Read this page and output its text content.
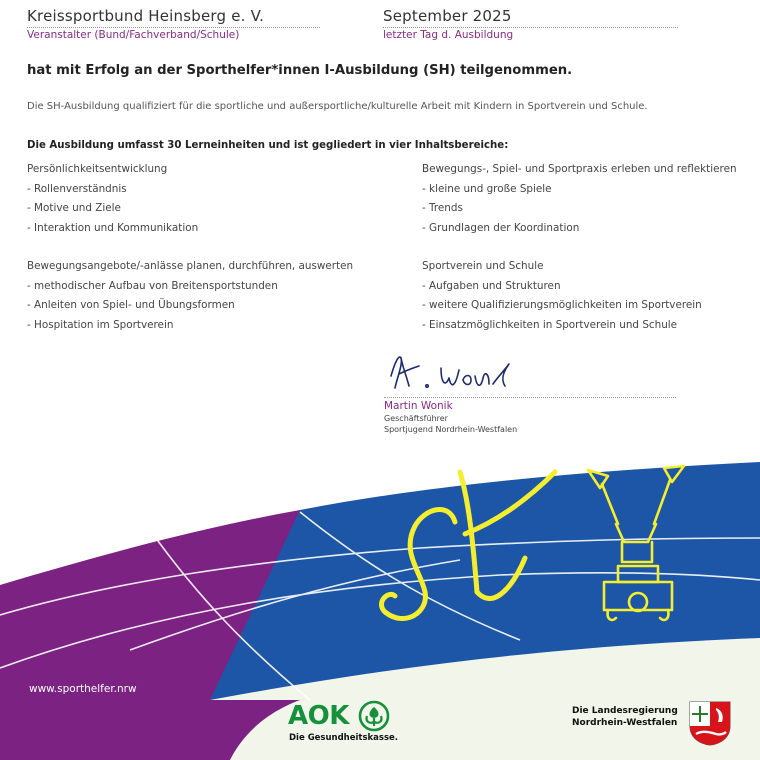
Kreissportbund Heinsberg e. V.
Veranstalter (Bund/Fachverband/Schule)
September 2025
letzter Tag d. Ausbildung
hat mit Erfolg an der Sporthelfer*innen I-Ausbildung (SH) teilgenommen.
Die SH-Ausbildung qualifiziert für die sportliche und außersportliche/kulturelle Arbeit mit Kindern in Sportverein und Schule.
Die Ausbildung umfasst 30 Lerneinheiten und ist gegliedert in vier Inhaltsbereiche:
Persönlichkeitsentwicklung
- Rollenverständnis
- Motive und Ziele
- Interaktion und Kommunikation
Bewegungs-, Spiel- und Sportpraxis erleben und reflektieren
- kleine und große Spiele
- Trends
- Grundlagen der Koordination
Bewegungsangebote/-anlässe planen, durchführen, auswerten
- methodischer Aufbau von Breitensportstunden
- Anleiten von Spiel- und Übungsformen
- Hospitation im Sportverein
Sportverein und Schule
- Aufgaben und Strukturen
- weitere Qualifizierungsmöglichkeiten im Sportverein
- Einsatzmöglichkeiten in Sportverein und Schule
Martin Wonik
Geschäftsführer
Sportjugend Nordrhein-Westfalen
www.sporthelfer.nrw
AOK
Die Gesundheitskasse.
Die Landesregierung
Nordrhein-Westfalen
